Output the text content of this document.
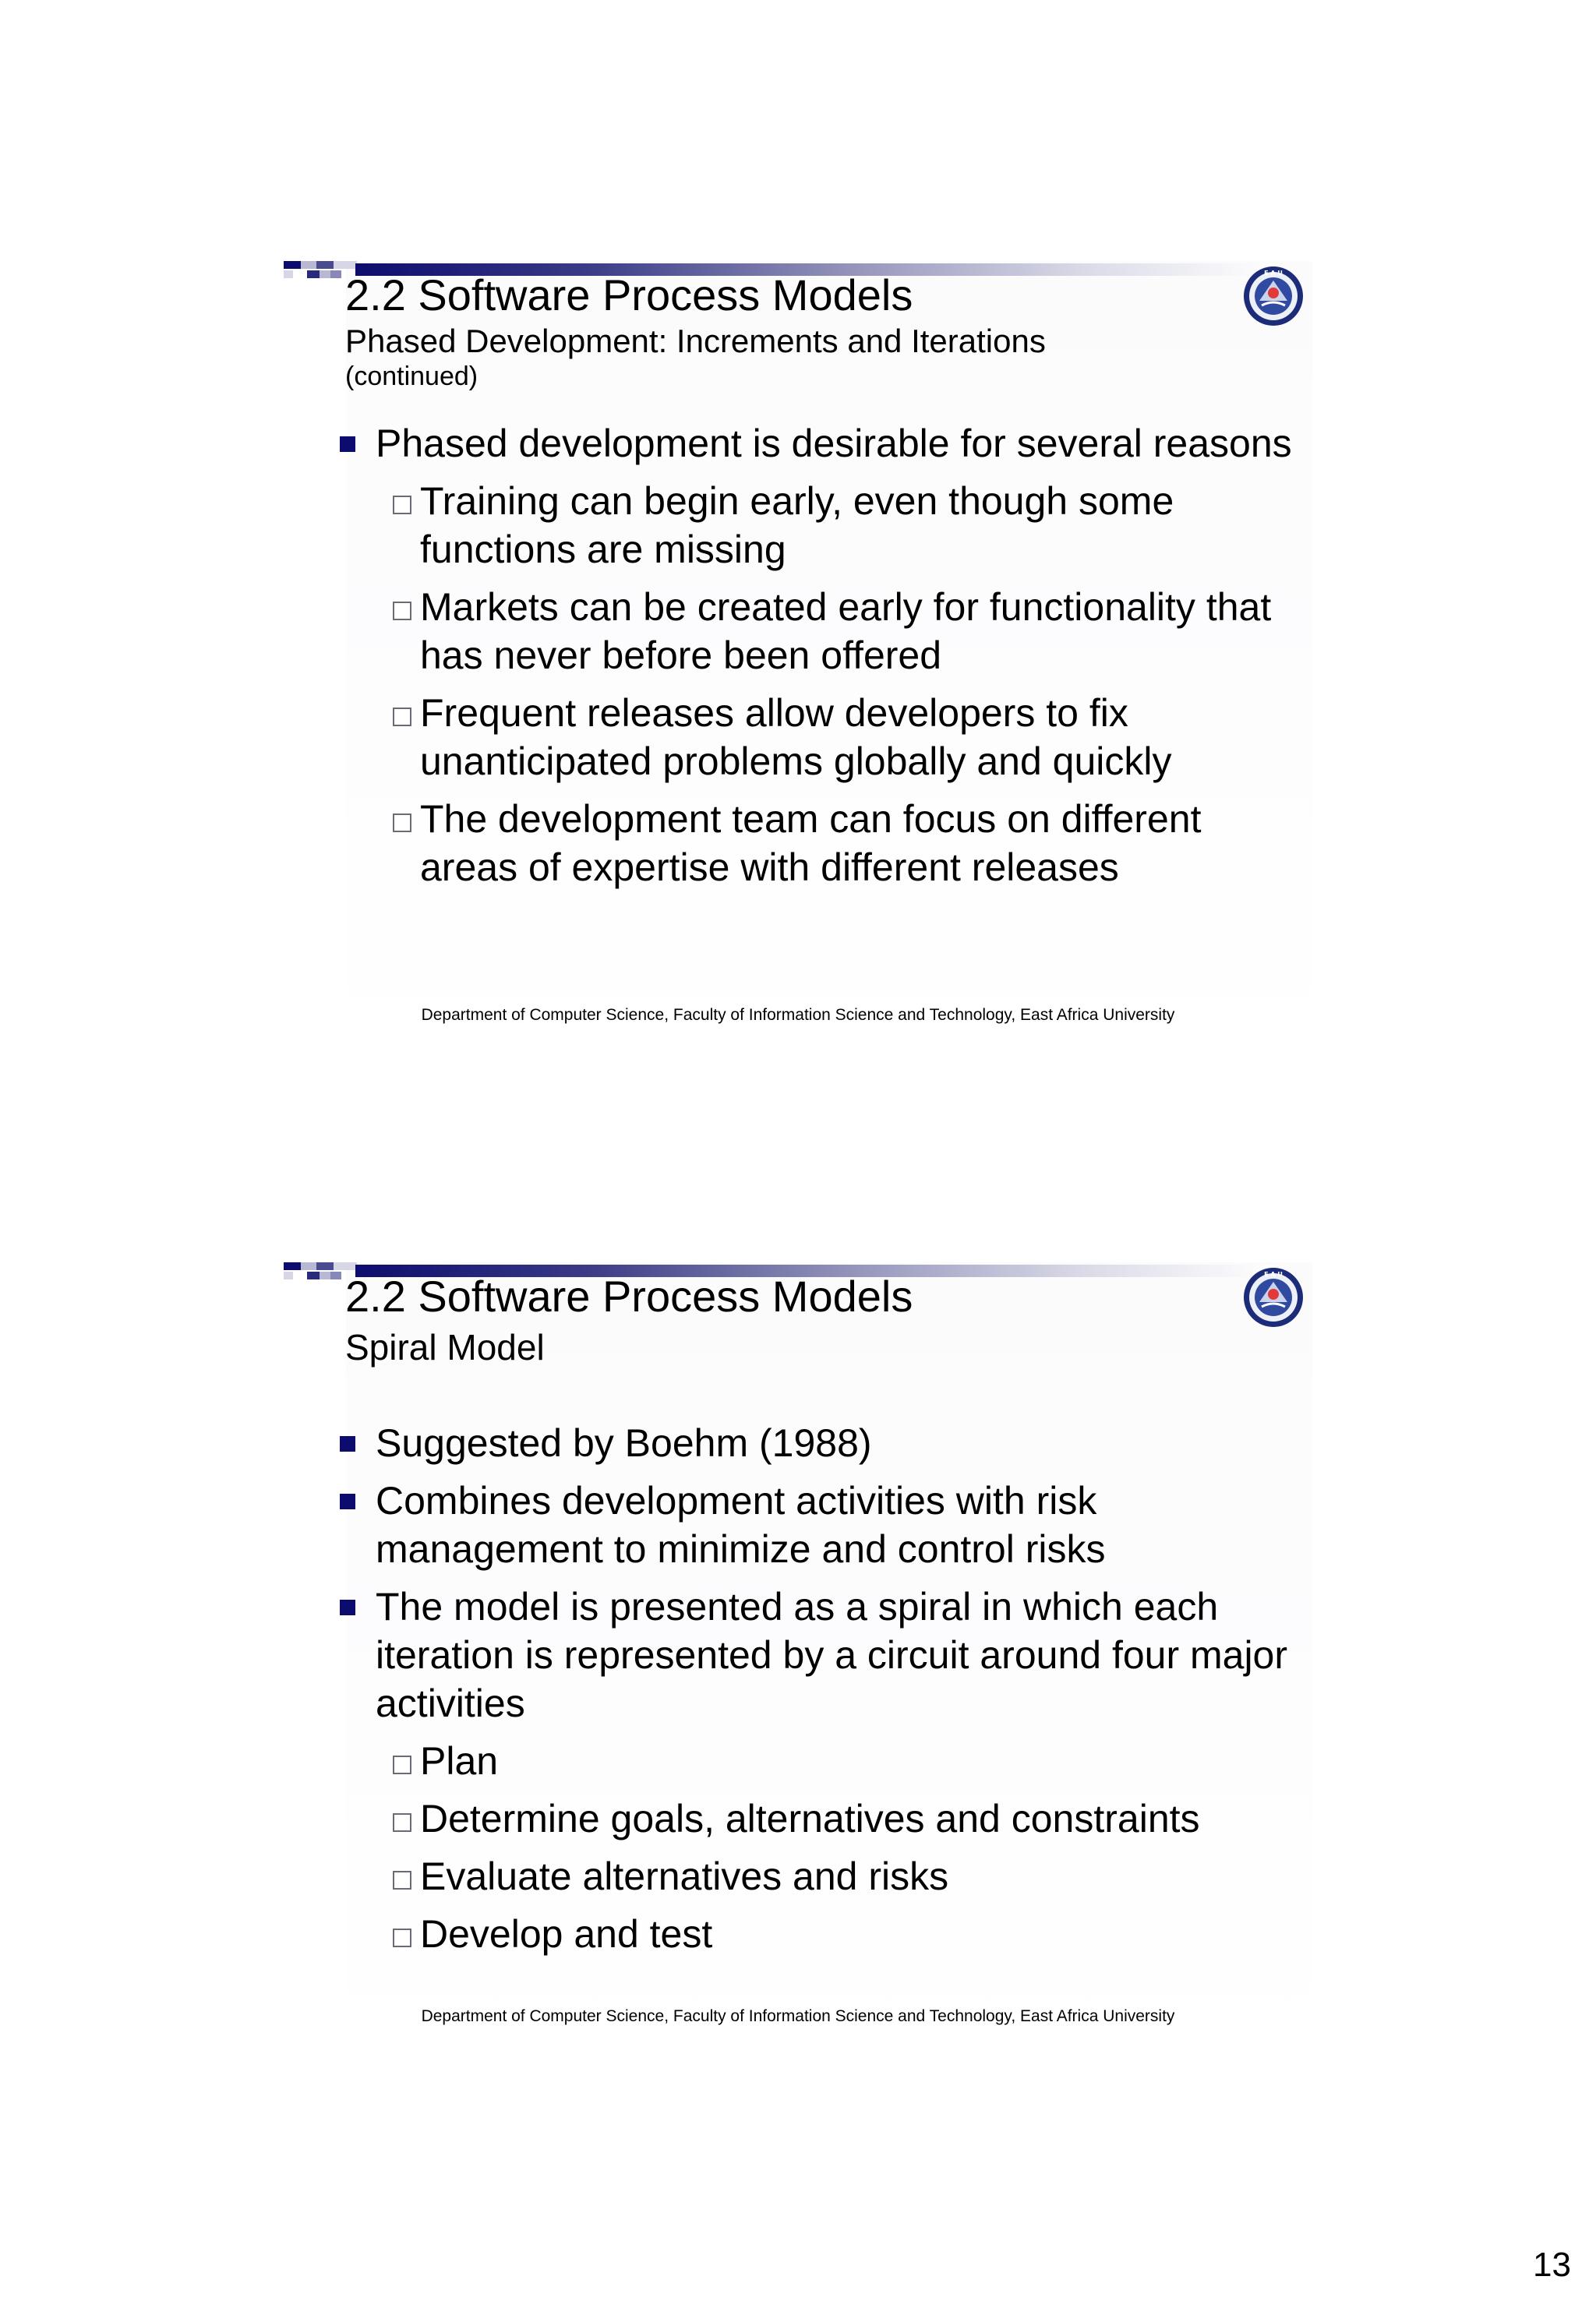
E A U
2.2 Software Process Models
Phased Development: Increments and Iterations
(continued)
Phased development is desirable for several reasons
Training can begin early, even though some functions are missing
Markets can be created early for functionality that has never before been offered
Frequent releases allow developers to fix unanticipated problems globally and quickly
The development team can focus on different areas of expertise with different releases
Department of Computer Science, Faculty of Information Science and Technology, East Africa University
E A U
2.2 Software Process Models
Spiral Model
Suggested by Boehm (1988)
Combines development activities with risk management to minimize and control risks
The model is presented as a spiral in which each iteration is represented by a circuit around four major activities
Plan
Determine goals, alternatives and constraints
Evaluate alternatives and risks
Develop and test
Department of Computer Science, Faculty of Information Science and Technology, East Africa University
13
